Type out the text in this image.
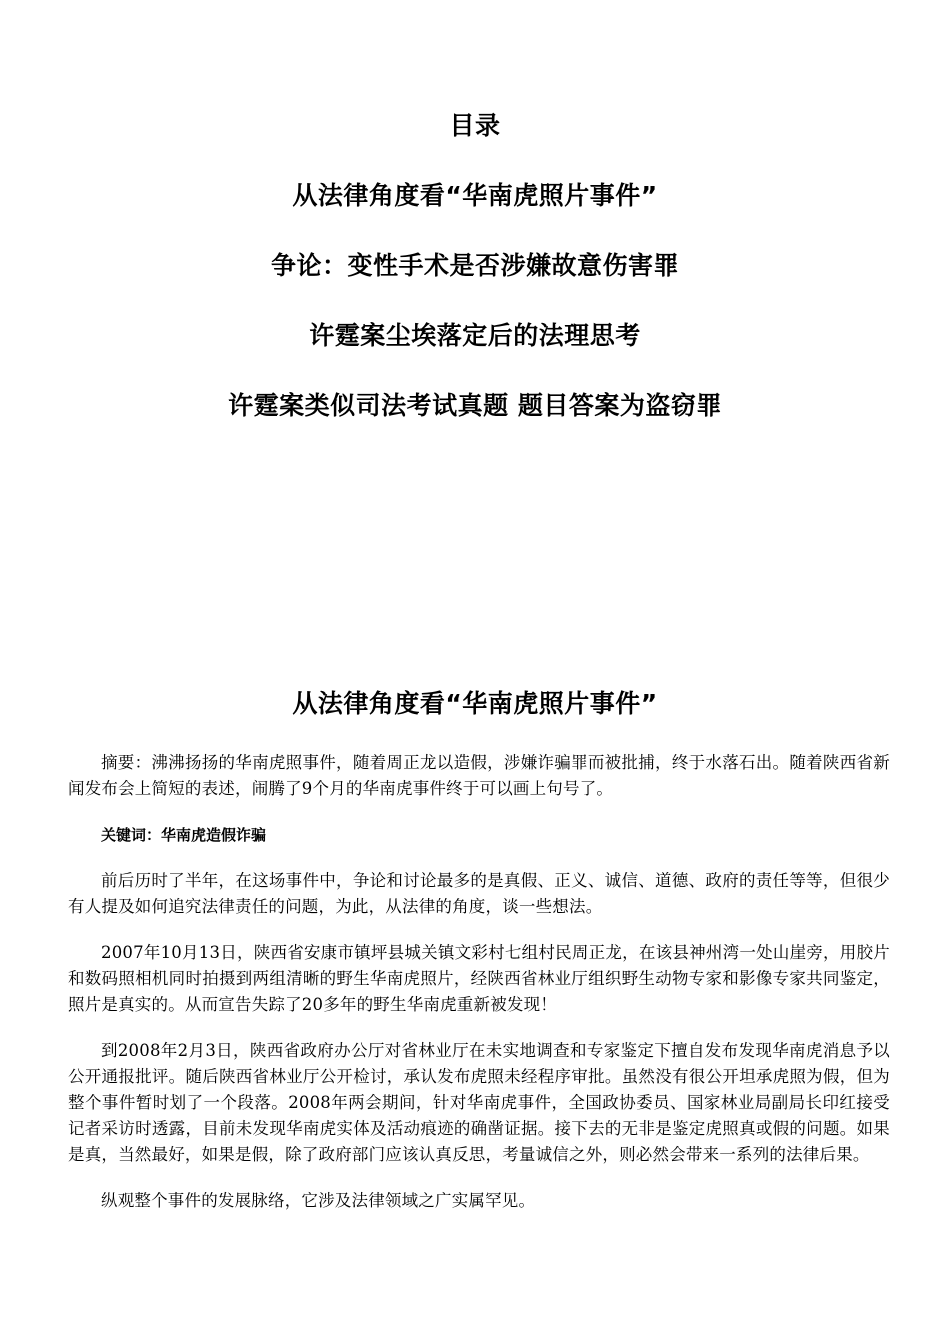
目录
从法律角度看“华南虎照片事件”
争论：变性手术是否涉嫌故意伤害罪
许霆案尘埃落定后的法理思考
许霆案类似司法考试真题 题目答案为盗窃罪
从法律角度看“华南虎照片事件”

摘要：沸沸扬扬的华南虎照事件，随着周正龙以造假，涉嫌诈骗罪而被批捕，终于水落石出。随着陕西省新闻发布会上简短的表述，闹腾了9个月的华南虎事件终于可以画上句号了。

关键词：华南虎造假诈骗

前后历时了半年，在这场事件中，争论和讨论最多的是真假、正义、诚信、道德、政府的责任等等，但很少有人提及如何追究法律责任的问题，为此，从法律的角度，谈一些想法。

2007年10月13日，陕西省安康市镇坪县城关镇文彩村七组村民周正龙，在该县神州湾一处山崖旁，用胶片和数码照相机同时拍摄到两组清晰的野生华南虎照片，经陕西省林业厅组织野生动物专家和影像专家共同鉴定，照片是真实的。从而宣告失踪了20多年的野生华南虎重新被发现！

到2008年2月3日，陕西省政府办公厅对省林业厅在未实地调查和专家鉴定下擅自发布发现华南虎消息予以公开通报批评。随后陕西省林业厅公开检讨，承认发布虎照未经程序审批。虽然没有很公开坦承虎照为假，但为整个事件暂时划了一个段落。2008年两会期间，针对华南虎事件，全国政协委员、国家林业局副局长印红接受记者采访时透露，目前未发现华南虎实体及活动痕迹的确凿证据。接下去的无非是鉴定虎照真或假的问题。如果是真，当然最好，如果是假，除了政府部门应该认真反思，考量诚信之外，则必然会带来一系列的法律后果。

纵观整个事件的发展脉络，它涉及法律领域之广实属罕见。
